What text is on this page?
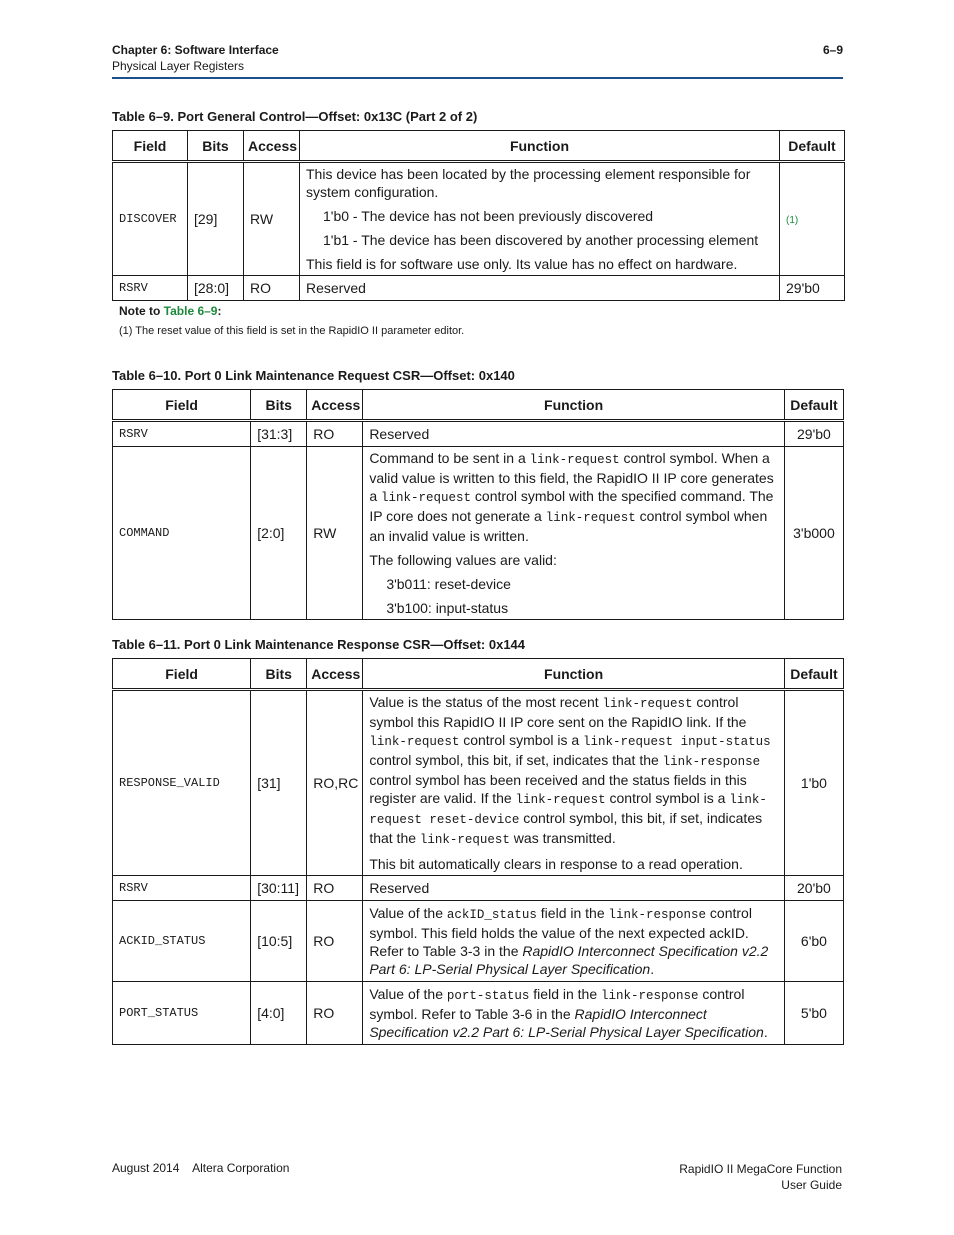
Chapter 6: Software Interface
Physical Layer Registers
6–9
Table 6–9. Port General Control—Offset: 0x13C (Part 2 of 2)
Field	Bits	Access	Function	Default
DISCOVER	[29]	RW	This device has been located by the processing element responsible for system configuration.

1'b0 - The device has not been previously discovered

1'b1 - The device has been discovered by another processing element

This field is for software use only. Its value has no effect on hardware.	(1)
RSRV	[28:0]	RO	Reserved	29'b0
Note to Table 6–9:
(1) The reset value of this field is set in the RapidIO II parameter editor.
Table 6–10. Port 0 Link Maintenance Request CSR—Offset: 0x140
Field	Bits	Access	Function	Default
RSRV	[31:3]	RO	Reserved	29'b0
COMMAND	[2:0]	RW	Command to be sent in a link-request control symbol. When a valid value is written to this field, the RapidIO II IP core generates a link-request control symbol with the specified command. The IP core does not generate a link-request control symbol when an invalid value is written.

The following values are valid:

3'b011: reset-device

3'b100: input-status	3'b000
Table 6–11. Port 0 Link Maintenance Response CSR—Offset: 0x144
Field	Bits	Access	Function	Default
RESPONSE_VALID	[31]	RO,RC	Value is the status of the most recent link-request control symbol this RapidIO II IP core sent on the RapidIO link. If the link-request control symbol is a link-request input-status control symbol, this bit, if set, indicates that the link-response control symbol has been received and the status fields in this register are valid. If the link-request control symbol is a link-request reset-device control symbol, this bit, if set, indicates that the link-request was transmitted.

This bit automatically clears in response to a read operation.	1'b0
RSRV	[30:11]	RO	Reserved	20'b0
ACKID_STATUS	[10:5]	RO	Value of the ackID_status field in the link-response control symbol. This field holds the value of the next expected ackID. Refer to Table 3-3 in the RapidIO Interconnect Specification v2.2 Part 6: LP-Serial Physical Layer Specification.	6'b0
PORT_STATUS	[4:0]	RO	Value of the port-status field in the link-response control symbol. Refer to Table 3-6 in the RapidIO Interconnect Specification v2.2 Part 6: LP-Serial Physical Layer Specification.	5'b0
August 2014    Altera Corporation	RapidIO II MegaCore Function
User Guide
